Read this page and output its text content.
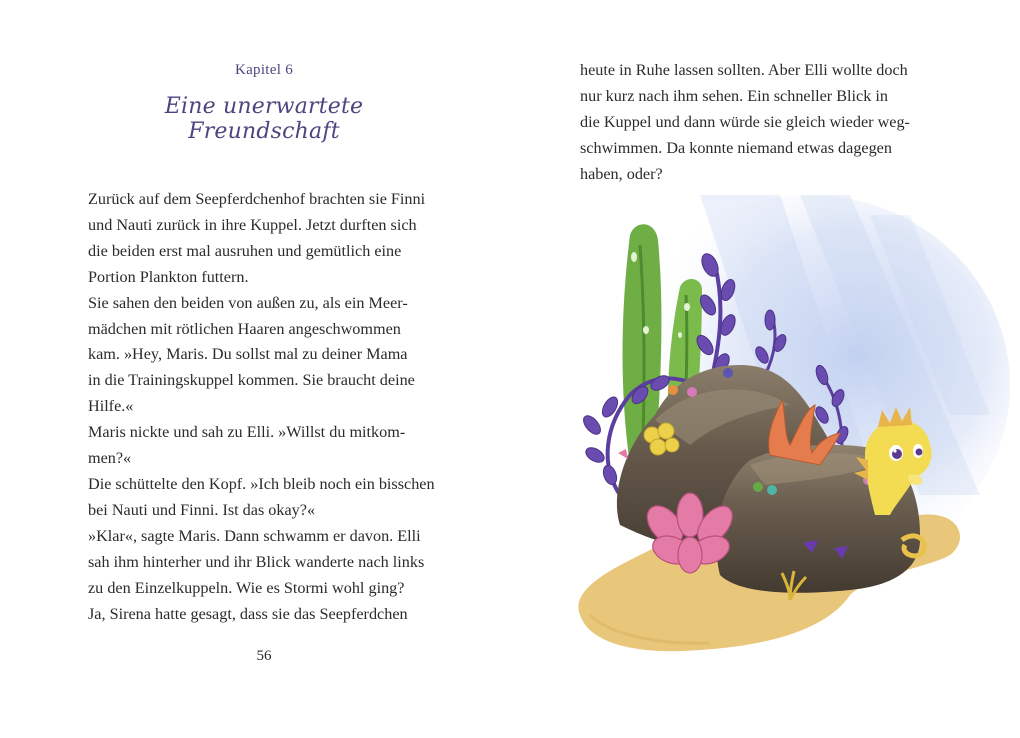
Kapitel 6
Eine unerwartete Freundschaft
Zurück auf dem Seepferdchenhof brachten sie Finni
und Nauti zurück in ihre Kuppel. Jetzt durften sich
die beiden erst mal ausruhen und gemütlich eine
Portion Plankton futtern.
Sie sahen den beiden von außen zu, als ein Meer-
mädchen mit rötlichen Haaren angeschwommen
kam. »Hey, Maris. Du sollst mal zu deiner Mama
in die Trainingskuppel kommen. Sie braucht deine
Hilfe.«
Maris nickte und sah zu Elli. »Willst du mitkom-
men?«
Die schüttelte den Kopf. »Ich bleib noch ein bisschen
bei Nauti und Finni. Ist das okay?«
»Klar«, sagte Maris. Dann schwamm er davon. Elli
sah ihm hinterher und ihr Blick wanderte nach links
zu den Einzelkuppeln. Wie es Stormi wohl ging?
Ja, Sirena hatte gesagt, dass sie das Seepferdchen
56
heute in Ruhe lassen sollten. Aber Elli wollte doch
nur kurz nach ihm sehen. Ein schneller Blick in
die Kuppel und dann würde sie gleich wieder weg-
schwimmen. Da konnte niemand etwas dagegen
haben, oder?
